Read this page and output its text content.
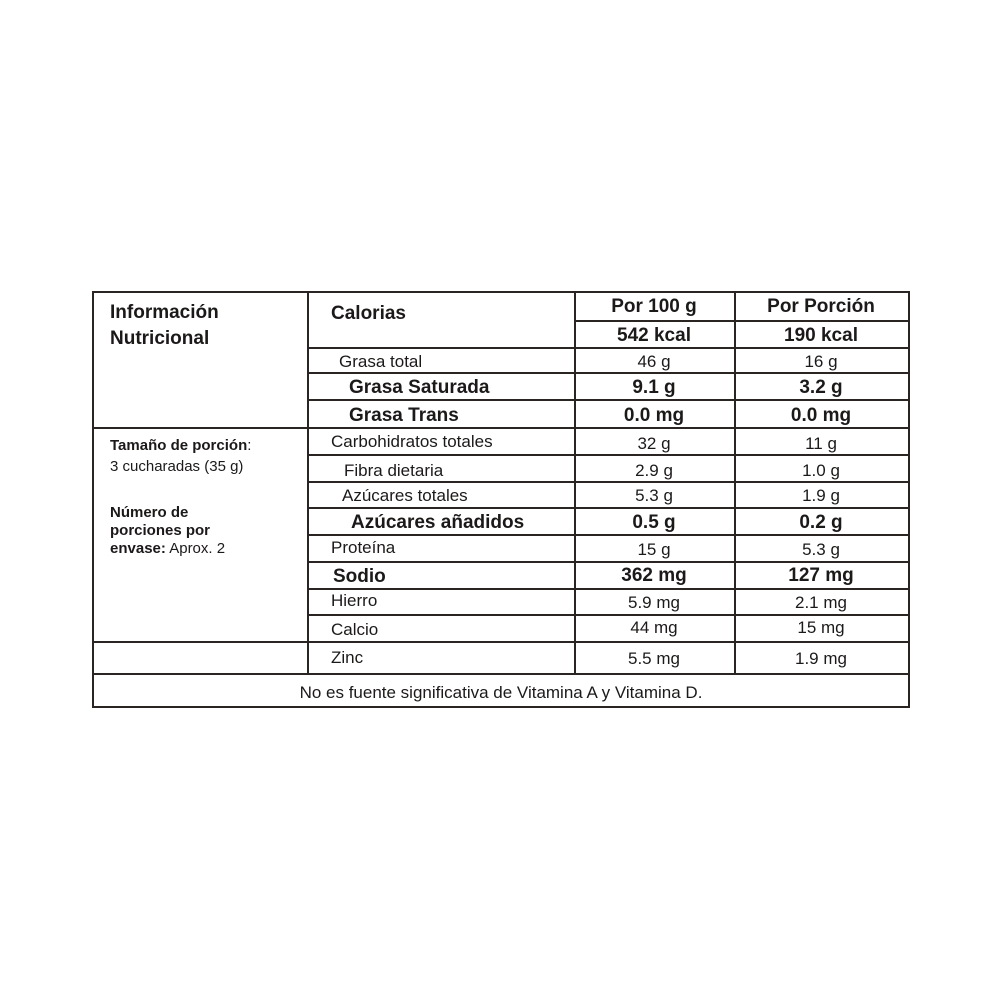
Información
Nutricional
Tamaño de porción:
3 cucharadas (35 g)
Número de
porciones por
envase: Aprox. 2
Calorias	Por 100 g	Por Porción
542 kcal	190 kcal
Grasa total	46 g	16 g
Grasa Saturada	9.1 g	3.2 g
Grasa Trans	0.0 mg	0.0 mg
Carbohidratos totales	32 g	11 g
Fibra dietaria	2.9 g	1.0 g
Azúcares totales	5.3 g	1.9 g
Azúcares añadidos	0.5 g	0.2 g
Proteína	15 g	5.3 g
Sodio	362 mg	127 mg
Hierro	5.9 mg	2.1 mg
Calcio	44 mg	15 mg
Zinc	5.5 mg	1.9 mg
No es fuente significativa de Vitamina A y Vitamina D.
